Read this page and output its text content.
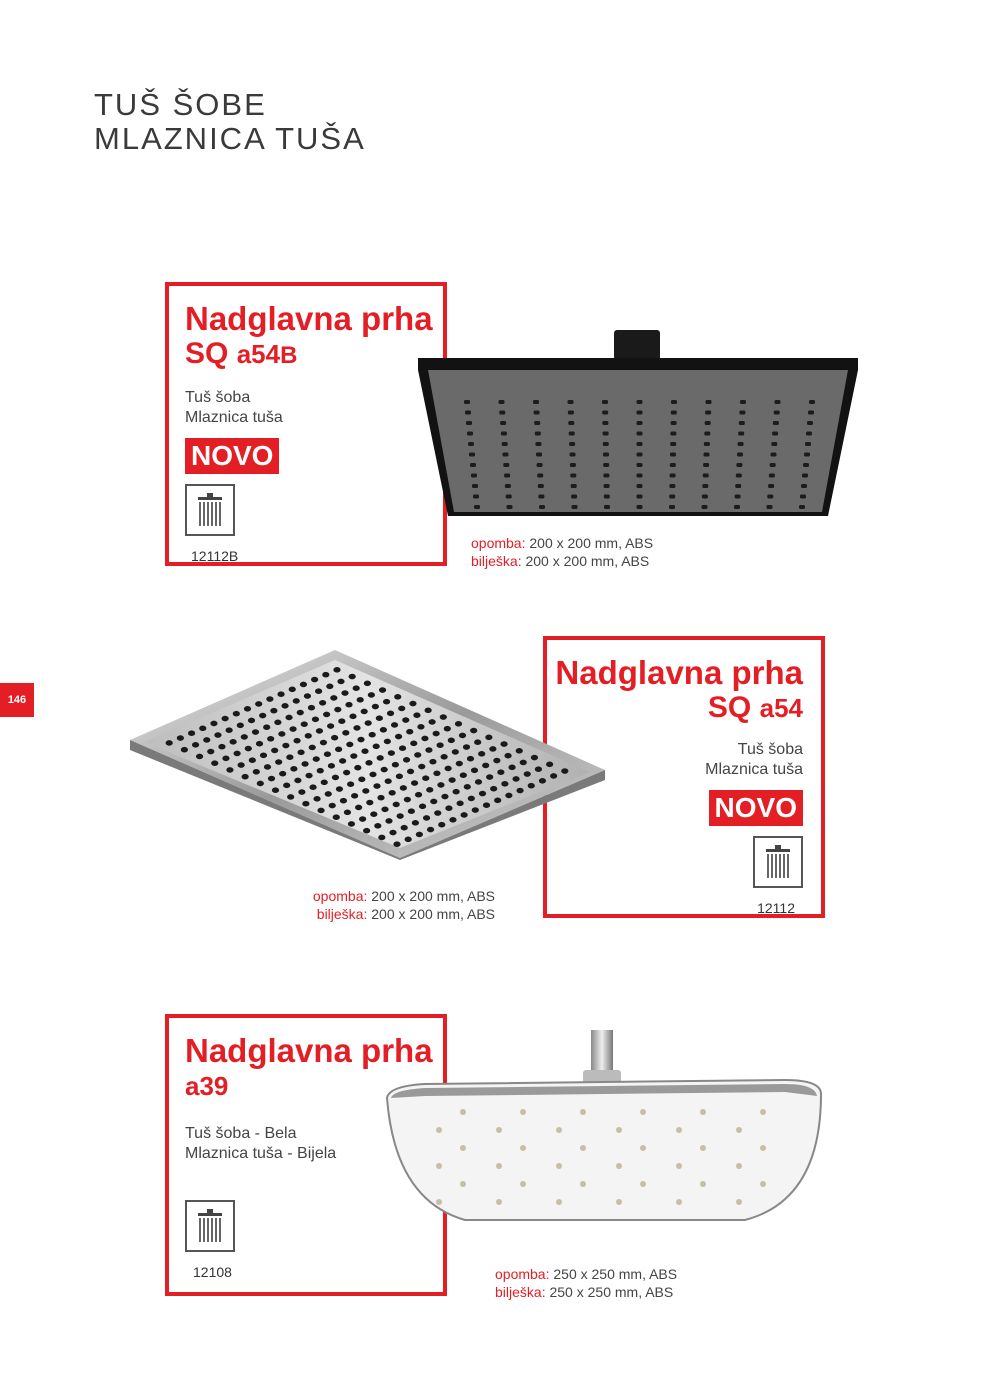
TUŠ ŠOBE
MLAZNICA TUŠA
146
Nadglavna prha
SQ a54B
Tuš šoba
Mlaznica tuša
NOVO
12112B
opomba: 200 x 200 mm, ABS
bilješka: 200 x 200 mm, ABS
Nadglavna prha
SQ a54
Tuš šoba
Mlaznica tuša
NOVO
12112
opomba: 200 x 200 mm, ABS
bilješka: 200 x 200 mm, ABS
Nadglavna prha
a39
Tuš šoba - Bela
Mlaznica tuša - Bijela
12108	opomba: 250 x 250 mm, ABS
bilješka: 250 x 250 mm, ABS
